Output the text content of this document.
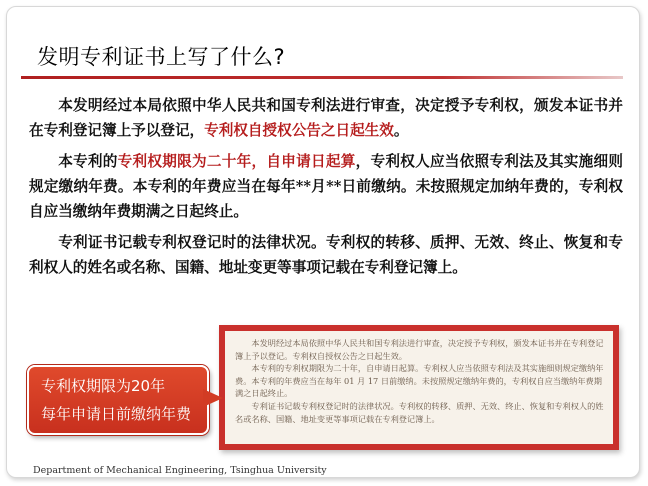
发明专利证书上写了什么?

本发明经过本局依照中华人民共和国专利法进行审查，决定授予专利权，颁发本证书并在专利登记簿上予以登记，专利权自授权公告之日起生效。

本专利的专利权期限为二十年，自申请日起算，专利权人应当依照专利法及其实施细则规定缴纳年费。本专利的年费应当在每年**月**日前缴纳。未按照规定加纳年费的，专利权自应当缴纳年费期满之日起终止。

专利证书记载专利权登记时的法律状况。专利权的转移、质押、无效、终止、恢复和专利权人的姓名或名称、国籍、地址变更等事项记载在专利登记簿上。

本发明经过本局依照中华人民共和国专利法进行审查，决定授予专利权，颁发本证书并在专利登记簿上予以登记。专利权自授权公告之日起生效。

本专利的专利权期限为二十年，自申请日起算。专利权人应当依照专利法及其实施细则规定缴纳年费。本专利的年费应当在每年 01 月 17 日前缴纳。未按照规定缴纳年费的，专利权自应当缴纳年费期满之日起终止。

专利证书记载专利权登记时的法律状况。专利权的转移、质押、无效、终止、恢复和专利权人的姓名或名称、国籍、地址变更等事项记载在专利登记簿上。

专利权期限为20年
每年申请日前缴纳年费
Department of Mechanical Engineering, Tsinghua University
